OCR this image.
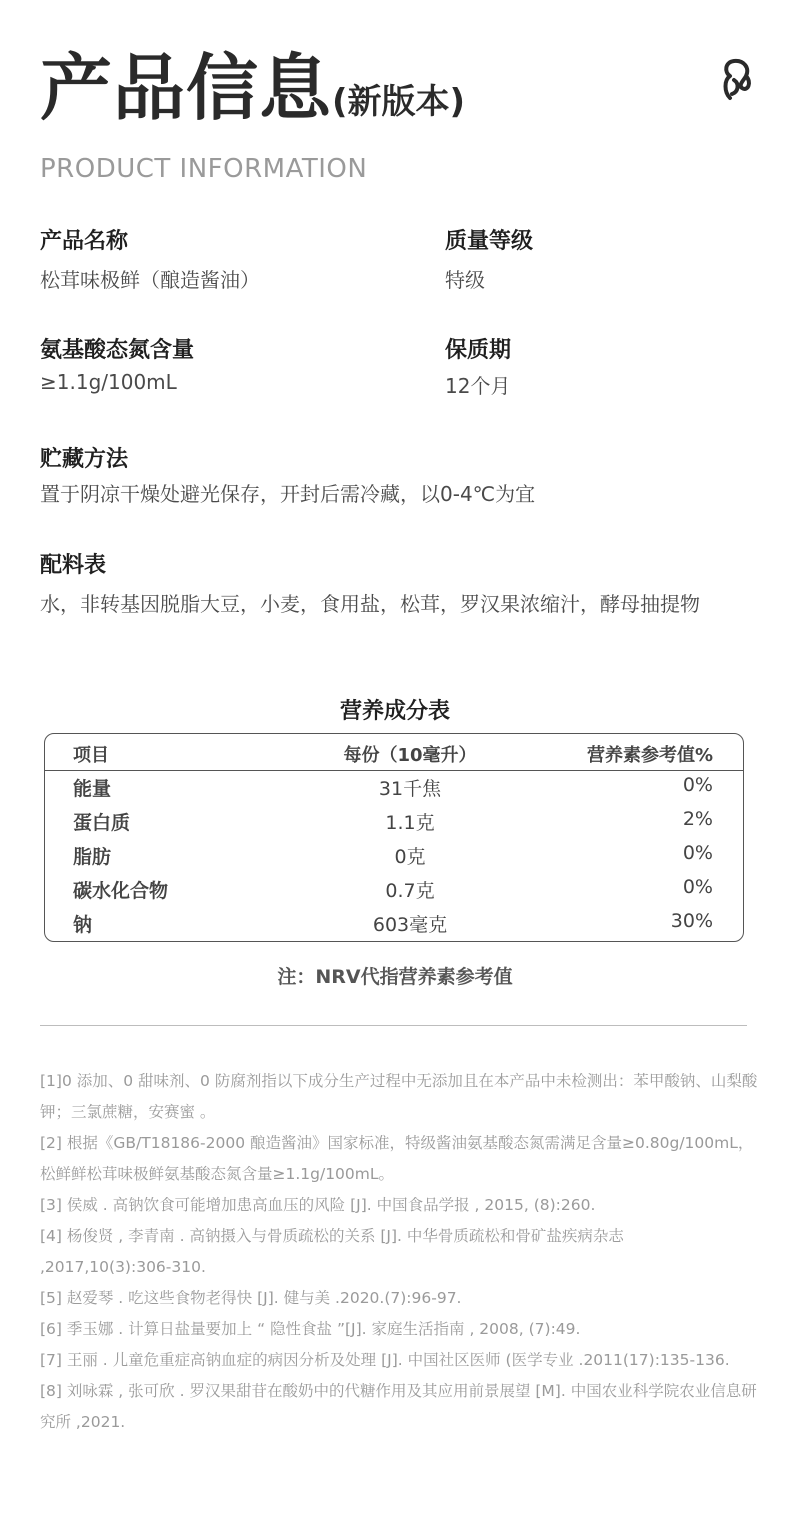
产品信息(新版本)
PRODUCT INFORMATION
产品名称
松茸味极鲜（酿造酱油）
质量等级
特级
氨基酸态氮含量
≥1.1g/100mL
保质期
12个月
贮藏方法
置于阴凉干燥处避光保存，开封后需冷藏，以0-4℃为宜
配料表
水，非转基因脱脂大豆，小麦，食用盐，松茸，罗汉果浓缩汁，酵母抽提物
营养成分表
项目	每份（10毫升）	营养素参考值%
能量	31千焦	0%
蛋白质	1.1克	2%
脂肪	0克	0%
碳水化合物	0.7克	0%
钠	603毫克	30%
注：NRV代指营养素参考值
[1]0 添加、0 甜味剂、0 防腐剂指以下成分生产过程中无添加且在本产品中未检测出：苯甲酸钠、山梨酸钾；三氯蔗糖，安赛蜜 。
[2] 根据《GB/T18186-2000 酿造酱油》国家标准，特级酱油氨基酸态氮需满足含量≥0.80g/100mL，松鲜鲜松茸味极鲜氨基酸态氮含量≥1.1g/100mL。
[3] 侯威 . 高钠饮食可能增加患高血压的风险 [J]. 中国食品学报 , 2015, (8):260.
[4] 杨俊贤 , 李青南 . 高钠摄入与骨质疏松的关系 [J]. 中华骨质疏松和骨矿盐疾病杂志 ,2017,10(3):306-310.
[5] 赵爱琴 . 吃这些食物老得快 [J]. 健与美 .2020.(7):96-97.
[6] 季玉娜 . 计算日盐量要加上 “ 隐性食盐 ”[J]. 家庭生活指南 , 2008, (7):49.
[7] 王丽 . 儿童危重症高钠血症的病因分析及处理 [J]. 中国社区医师 (医学专业 .2011(17):135-136.
[8] 刘咏霖 , 张可欣 . 罗汉果甜苷在酸奶中的代糖作用及其应用前景展望 [M]. 中国农业科学院农业信息研究所 ,2021.
